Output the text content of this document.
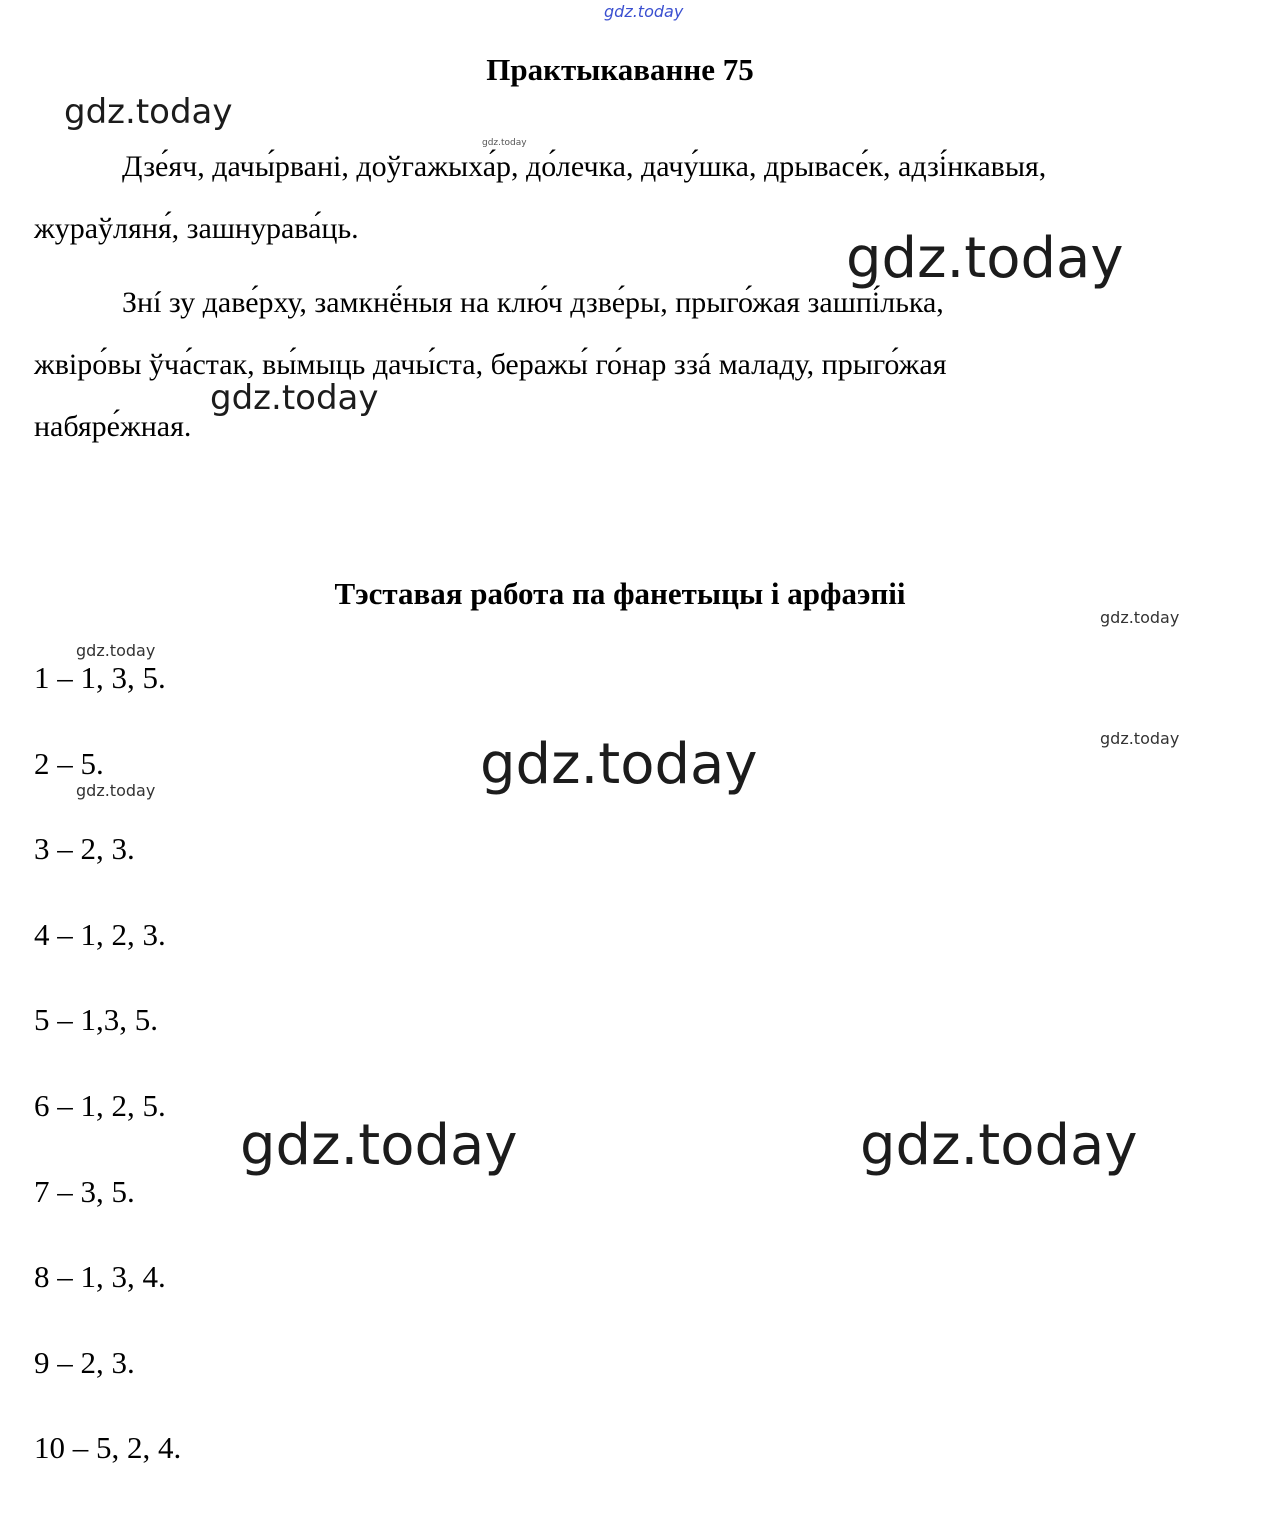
Практыкаванне 75

Дзе́яч, дачы́рвані, доўгажыха́р, до́лечка, дачу́шка, дрывасе́к, адзі́нкавыя,
жураўляня́, зашнурава́ць.

Знí зу даве́рху, замкнё́ныя на клю́ч дзве́ры, прыго́жая зашпі́лька,
жвіро́вы ўча́стак, вы́мыць дачы́ста, беражы́ го́нар ззá маладу, прыго́жая
набяре́жная.

Тэставая работа па фанетыцы і арфаэпіі
1 – 1, 3, 5.
2 – 5.
3 – 2, 3.
4 – 1, 2, 3.
5 – 1,3, 5.
6 – 1, 2, 5.
7 – 3, 5.
8 – 1, 3, 4.
9 – 2, 3.
10 – 5, 2, 4.
gdz.today
gdz.today
gdz.today
gdz.today
gdz.today
gdz.today
gdz.today
gdz.today
gdz.today
gdz.today
gdz.today	gdz.today
